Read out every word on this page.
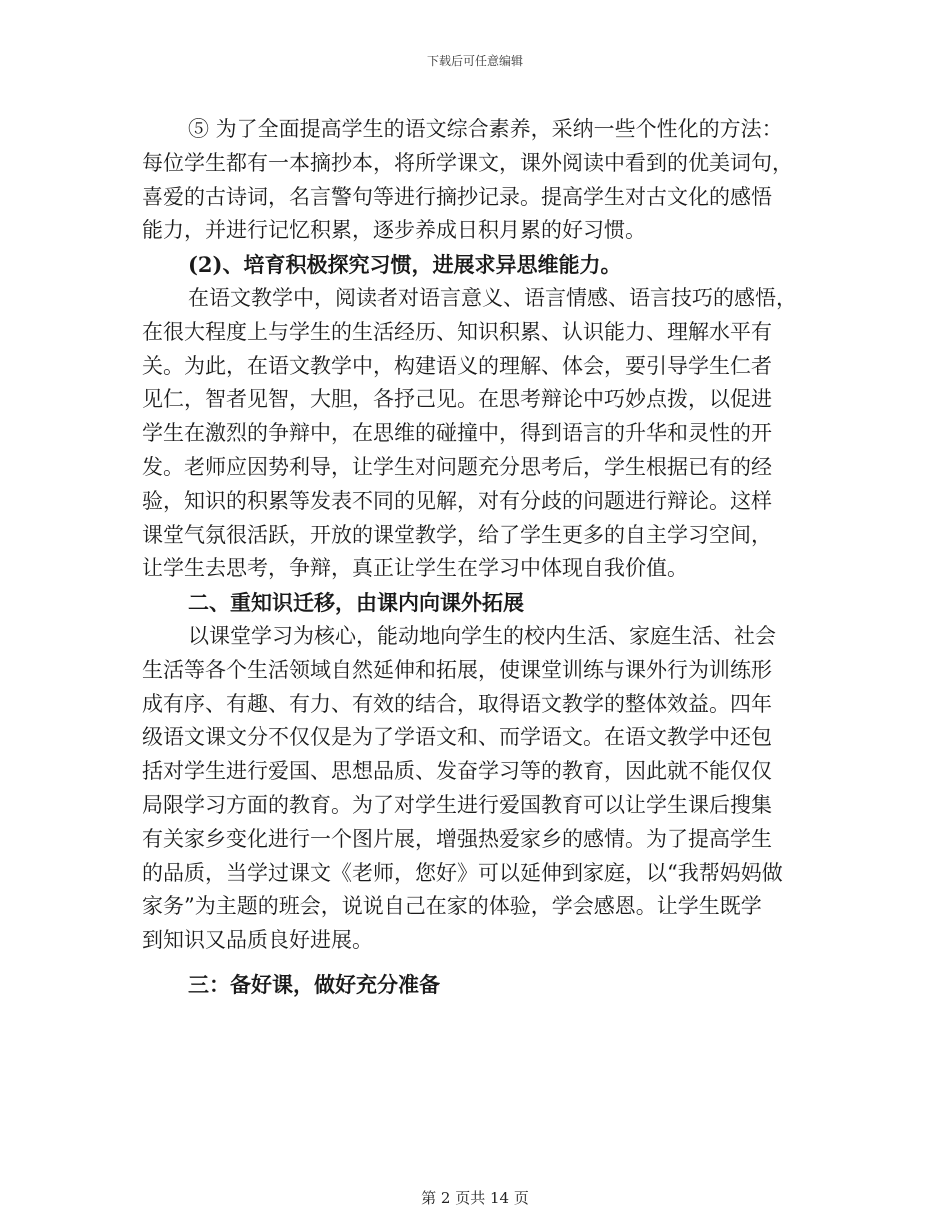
下载后可任意编辑
⑤ 为了全面提高学生的语文综合素养，采纳一些个性化的方法：
每位学生都有一本摘抄本，将所学课文，课外阅读中看到的优美词句，
喜爱的古诗词，名言警句等进行摘抄记录。提高学生对古文化的感悟
能力，并进行记忆积累，逐步养成日积月累的好习惯。
(2)、培育积极探究习惯，进展求异思维能力。
在语文教学中，阅读者对语言意义、语言情感、语言技巧的感悟，
在很大程度上与学生的生活经历、知识积累、认识能力、理解水平有
关。为此，在语文教学中，构建语义的理解、体会，要引导学生仁者
见仁，智者见智，大胆，各抒己见。在思考辩论中巧妙点拨，以促进
学生在激烈的争辩中，在思维的碰撞中，得到语言的升华和灵性的开
发。老师应因势利导，让学生对问题充分思考后，学生根据已有的经
验，知识的积累等发表不同的见解，对有分歧的问题进行辩论。这样
课堂气氛很活跃，开放的课堂教学，给了学生更多的自主学习空间，
让学生去思考，争辩，真正让学生在学习中体现自我价值。
二、重知识迁移，由课内向课外拓展
以课堂学习为核心，能动地向学生的校内生活、家庭生活、社会
生活等各个生活领域自然延伸和拓展，使课堂训练与课外行为训练形
成有序、有趣、有力、有效的结合，取得语文教学的整体效益。四年
级语文课文分不仅仅是为了学语文和、而学语文。在语文教学中还包
括对学生进行爱国、思想品质、发奋学习等的教育，因此就不能仅仅
局限学习方面的教育。为了对学生进行爱国教育可以让学生课后搜集
有关家乡变化进行一个图片展，增强热爱家乡的感情。为了提高学生
的品质，当学过课文《老师，您好》可以延伸到家庭，以“我帮妈妈做
家务”为主题的班会，说说自己在家的体验，学会感恩。让学生既学
到知识又品质良好进展。
三：备好课，做好充分准备
第 2 页共 14 页
